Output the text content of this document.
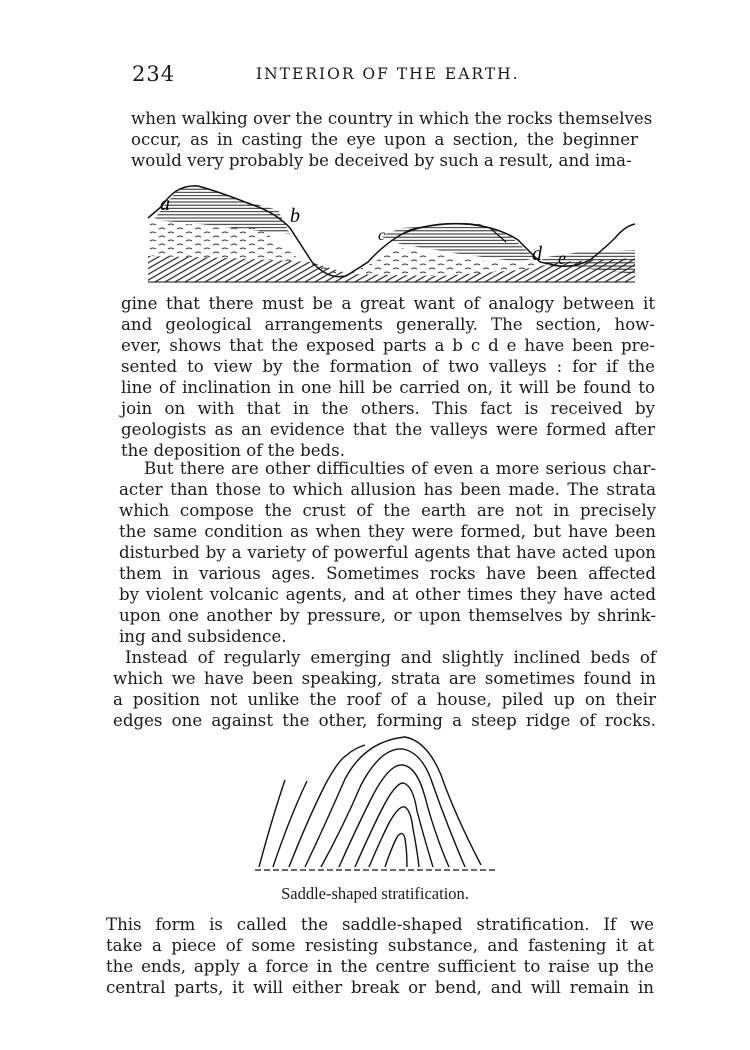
234	INTERIOR OF THE EARTH.
when walking over the country in which the rocks themselves
occur, as in casting the eye upon a section, the beginner
would very probably be deceived by such a result, and ima-
a
b
c
d e
gine that there must be a great want of analogy between it
and geological arrangements generally. The section, how-
ever, shows that the exposed parts a b c d e have been pre-
sented to view by the formation of two valleys : for if the
line of inclination in one hill be carried on, it will be found to
join on with that in the others. This fact is received by
geologists as an evidence that the valleys were formed after
the deposition of the beds.
But there are other difficulties of even a more serious char-
acter than those to which allusion has been made. The strata
which compose the crust of the earth are not in precisely
the same condition as when they were formed, but have been
disturbed by a variety of powerful agents that have acted upon
them in various ages. Sometimes rocks have been affected
by violent volcanic agents, and at other times they have acted
upon one another by pressure, or upon themselves by shrink-
ing and subsidence.
Instead of regularly emerging and slightly inclined beds of
which we have been speaking, strata are sometimes found in
a position not unlike the roof of a house, piled up on their
edges one against the other, forming a steep ridge of rocks.
Saddle-shaped stratification.
This form is called the saddle-shaped stratification. If we
take a piece of some resisting substance, and fastening it at
the ends, apply a force in the centre sufficient to raise up the
central parts, it will either break or bend, and will remain in
